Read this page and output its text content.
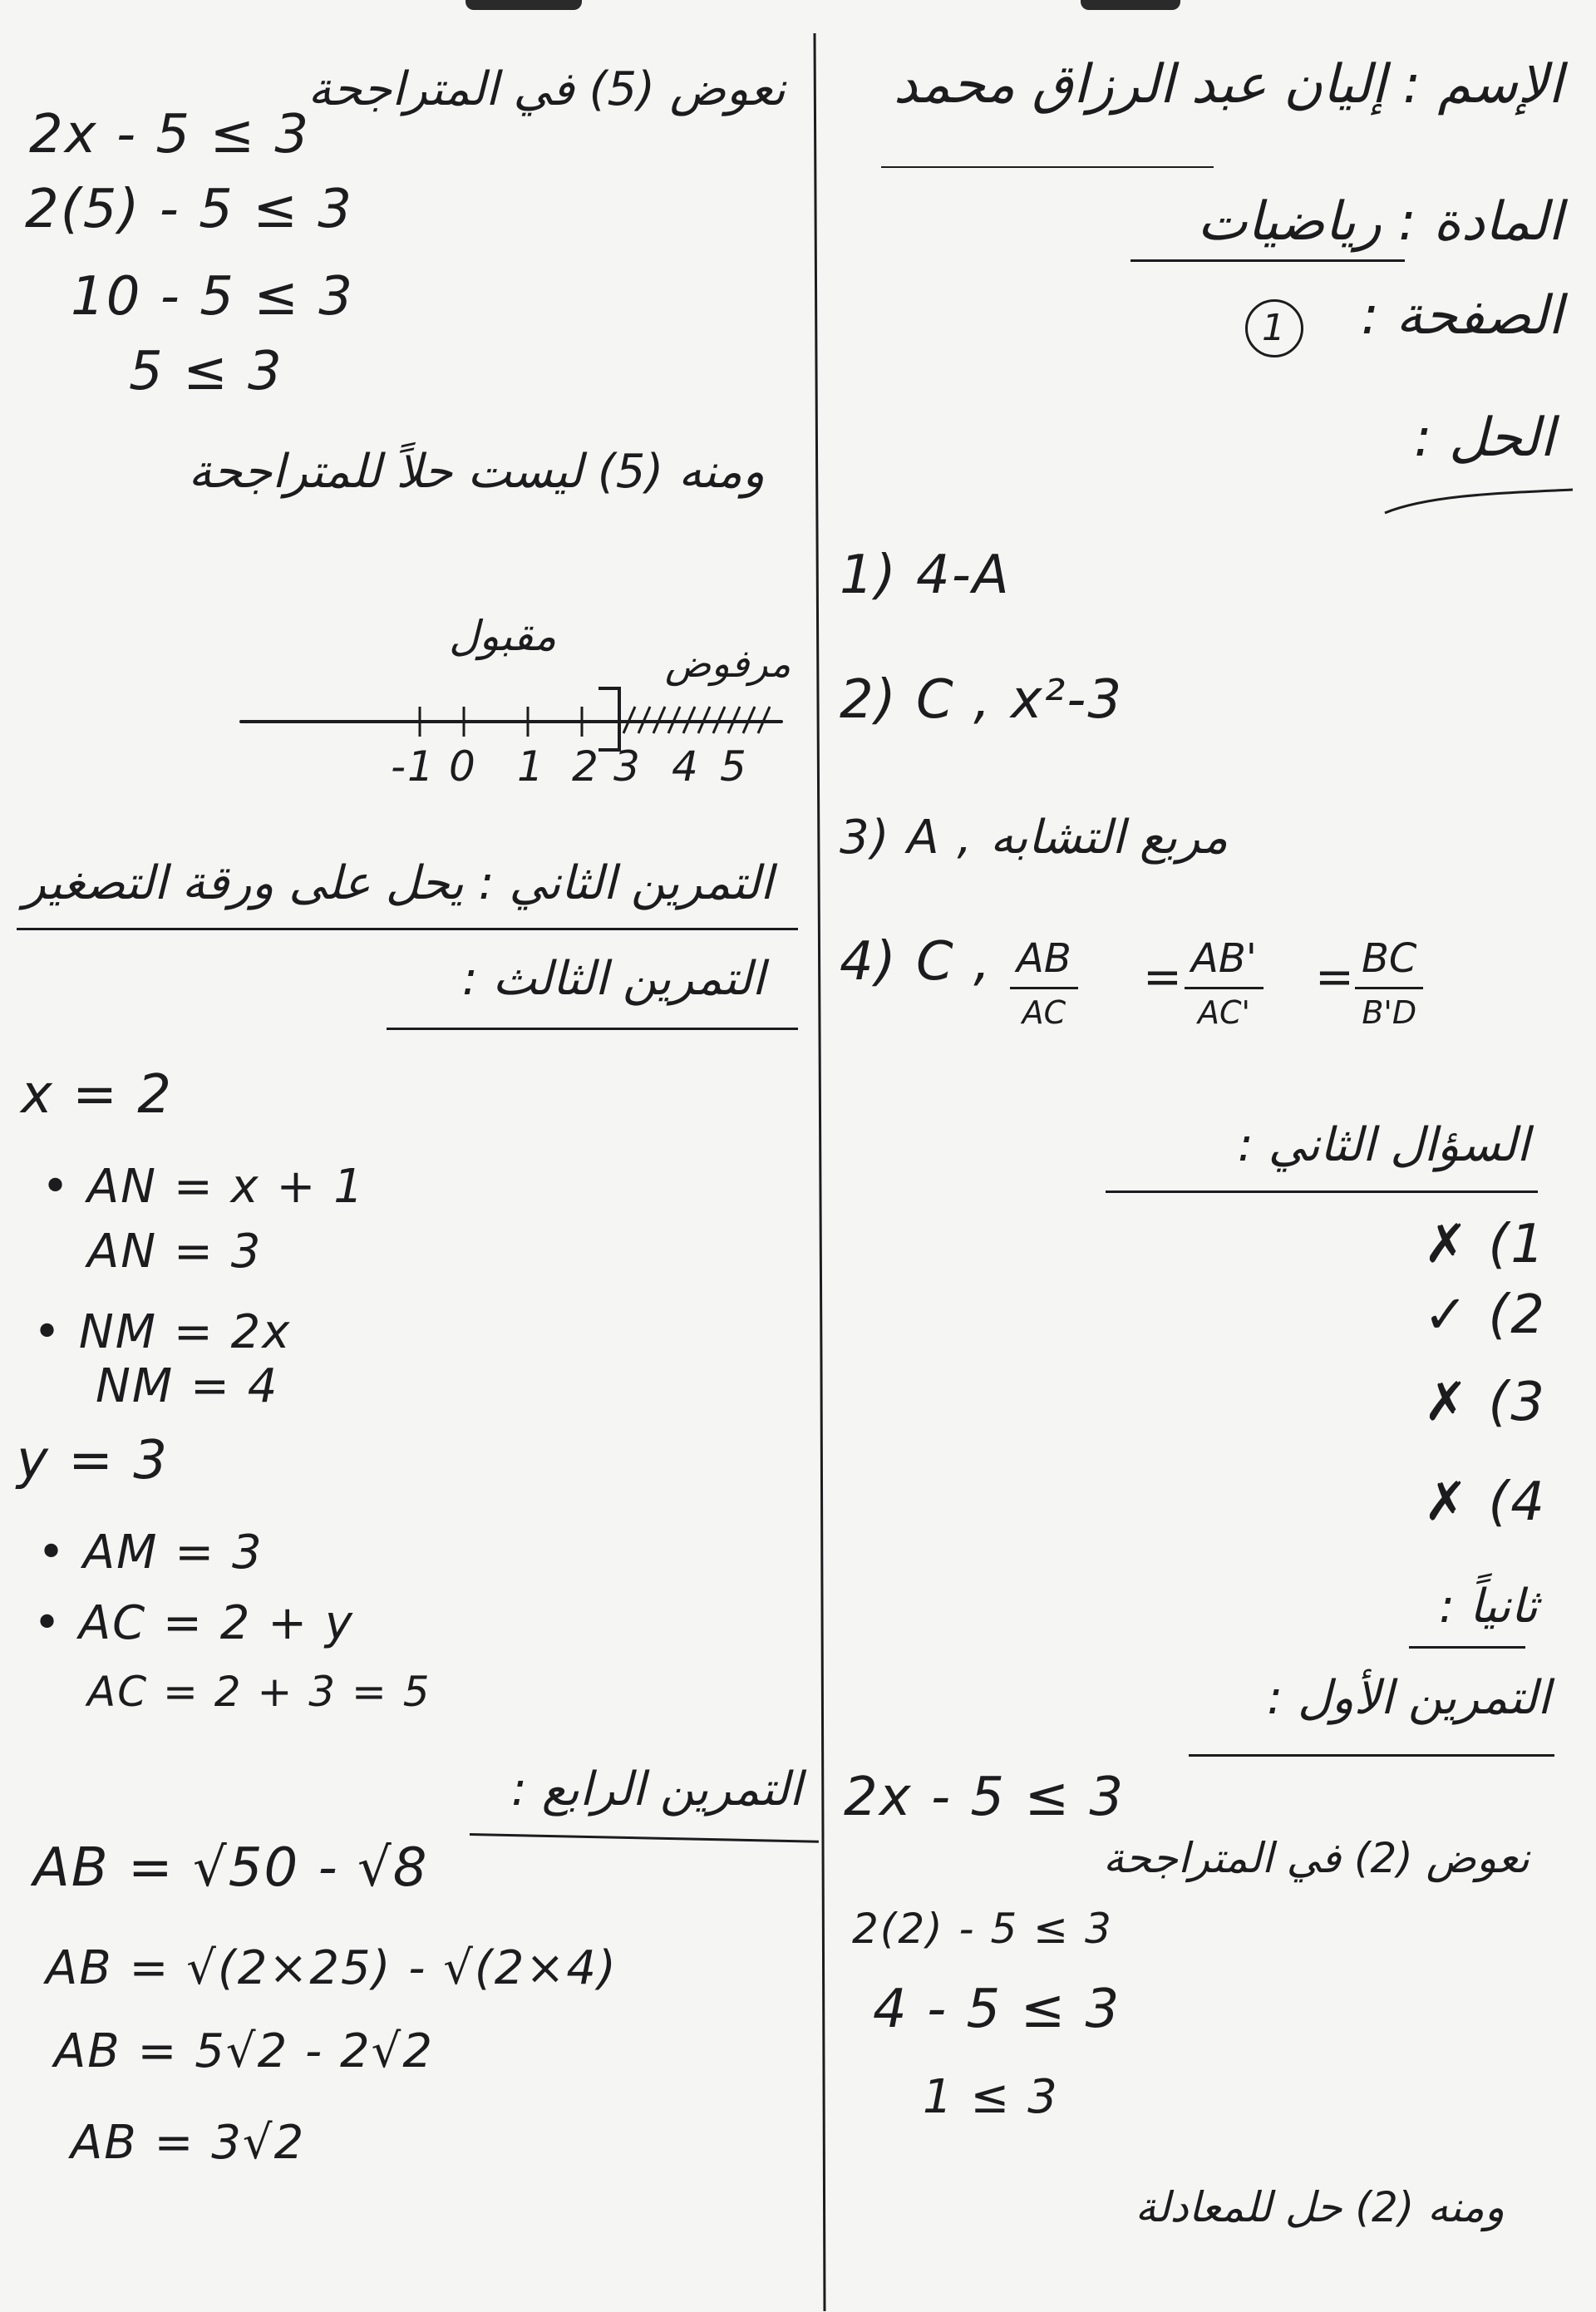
الإسم : إليان عبد الرزاق محمد
المادة : رياضيات
الصفحة :
1
الحل :
1) 4-A
2) C , x²-3
3) A , مربع التشابه
4) C , AB
AC
= AB'
AC'
= BC
B'D
السؤال الثاني :
1) ✗
2) ✓
3) ✗
4) ✗
ثانياً :
التمرين الأول :
2x - 5 ≤ 3
نعوض (2) في المتراجحة
2(2) - 5 ≤ 3
4 - 5 ≤ 3
1 ≤ 3
ومنه (2) حل للمعادلة
نعوض (5) في المتراجحة
2x - 5 ≤ 3
2(5) - 5 ≤ 3
10 - 5 ≤ 3
5 ≤ 3
ومنه (5) ليست حلاً للمتراجحة
مقبول
مرفوض
-1 0 1 2 3 4 5
التمرين الثاني : يحل على ورقة التصغير
التمرين الثالث :
x = 2
• AN = x + 1
AN = 3
• NM = 2x
NM = 4
y = 3
• AM = 3
• AC = 2 + y
AC = 2 + 3 = 5
التمرين الرابع :
AB = √50 - √8
AB = √(2×25) - √(2×4)
AB = 5√2 - 2√2
AB = 3√2
